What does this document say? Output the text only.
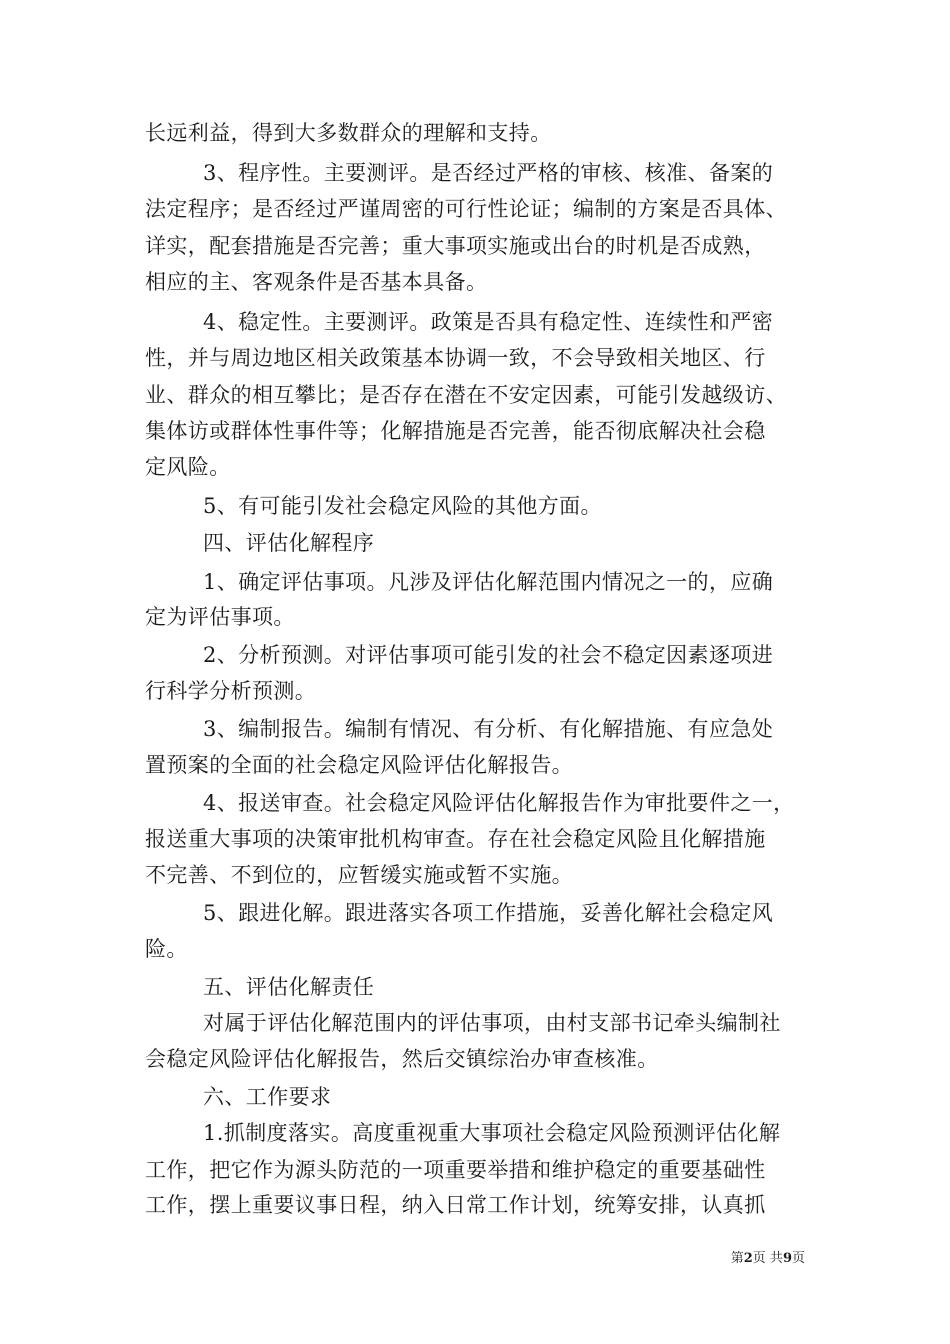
长远利益，得到大多数群众的理解和支持。
3、程序性。主要测评。是否经过严格的审核、核准、备案的
法定程序；是否经过严谨周密的可行性论证；编制的方案是否具体、
详实，配套措施是否完善；重大事项实施或出台的时机是否成熟，
相应的主、客观条件是否基本具备。
4、稳定性。主要测评。政策是否具有稳定性、连续性和严密
性，并与周边地区相关政策基本协调一致，不会导致相关地区、行
业、群众的相互攀比；是否存在潜在不安定因素，可能引发越级访、
集体访或群体性事件等；化解措施是否完善，能否彻底解决社会稳
定风险。
5、有可能引发社会稳定风险的其他方面。
四、评估化解程序
1、确定评估事项。凡涉及评估化解范围内情况之一的，应确
定为评估事项。
2、分析预测。对评估事项可能引发的社会不稳定因素逐项进
行科学分析预测。
3、编制报告。编制有情况、有分析、有化解措施、有应急处
置预案的全面的社会稳定风险评估化解报告。
4、报送审查。社会稳定风险评估化解报告作为审批要件之一，
报送重大事项的决策审批机构审查。存在社会稳定风险且化解措施
不完善、不到位的，应暂缓实施或暂不实施。
5、跟进化解。跟进落实各项工作措施，妥善化解社会稳定风
险。
五、评估化解责任
对属于评估化解范围内的评估事项，由村支部书记牵头编制社
会稳定风险评估化解报告，然后交镇综治办审查核准。
六、工作要求
1.抓制度落实。高度重视重大事项社会稳定风险预测评估化解
工作，把它作为源头防范的一项重要举措和维护稳定的重要基础性
工作，摆上重要议事日程，纳入日常工作计划，统筹安排，认真抓
第2页 共9页
